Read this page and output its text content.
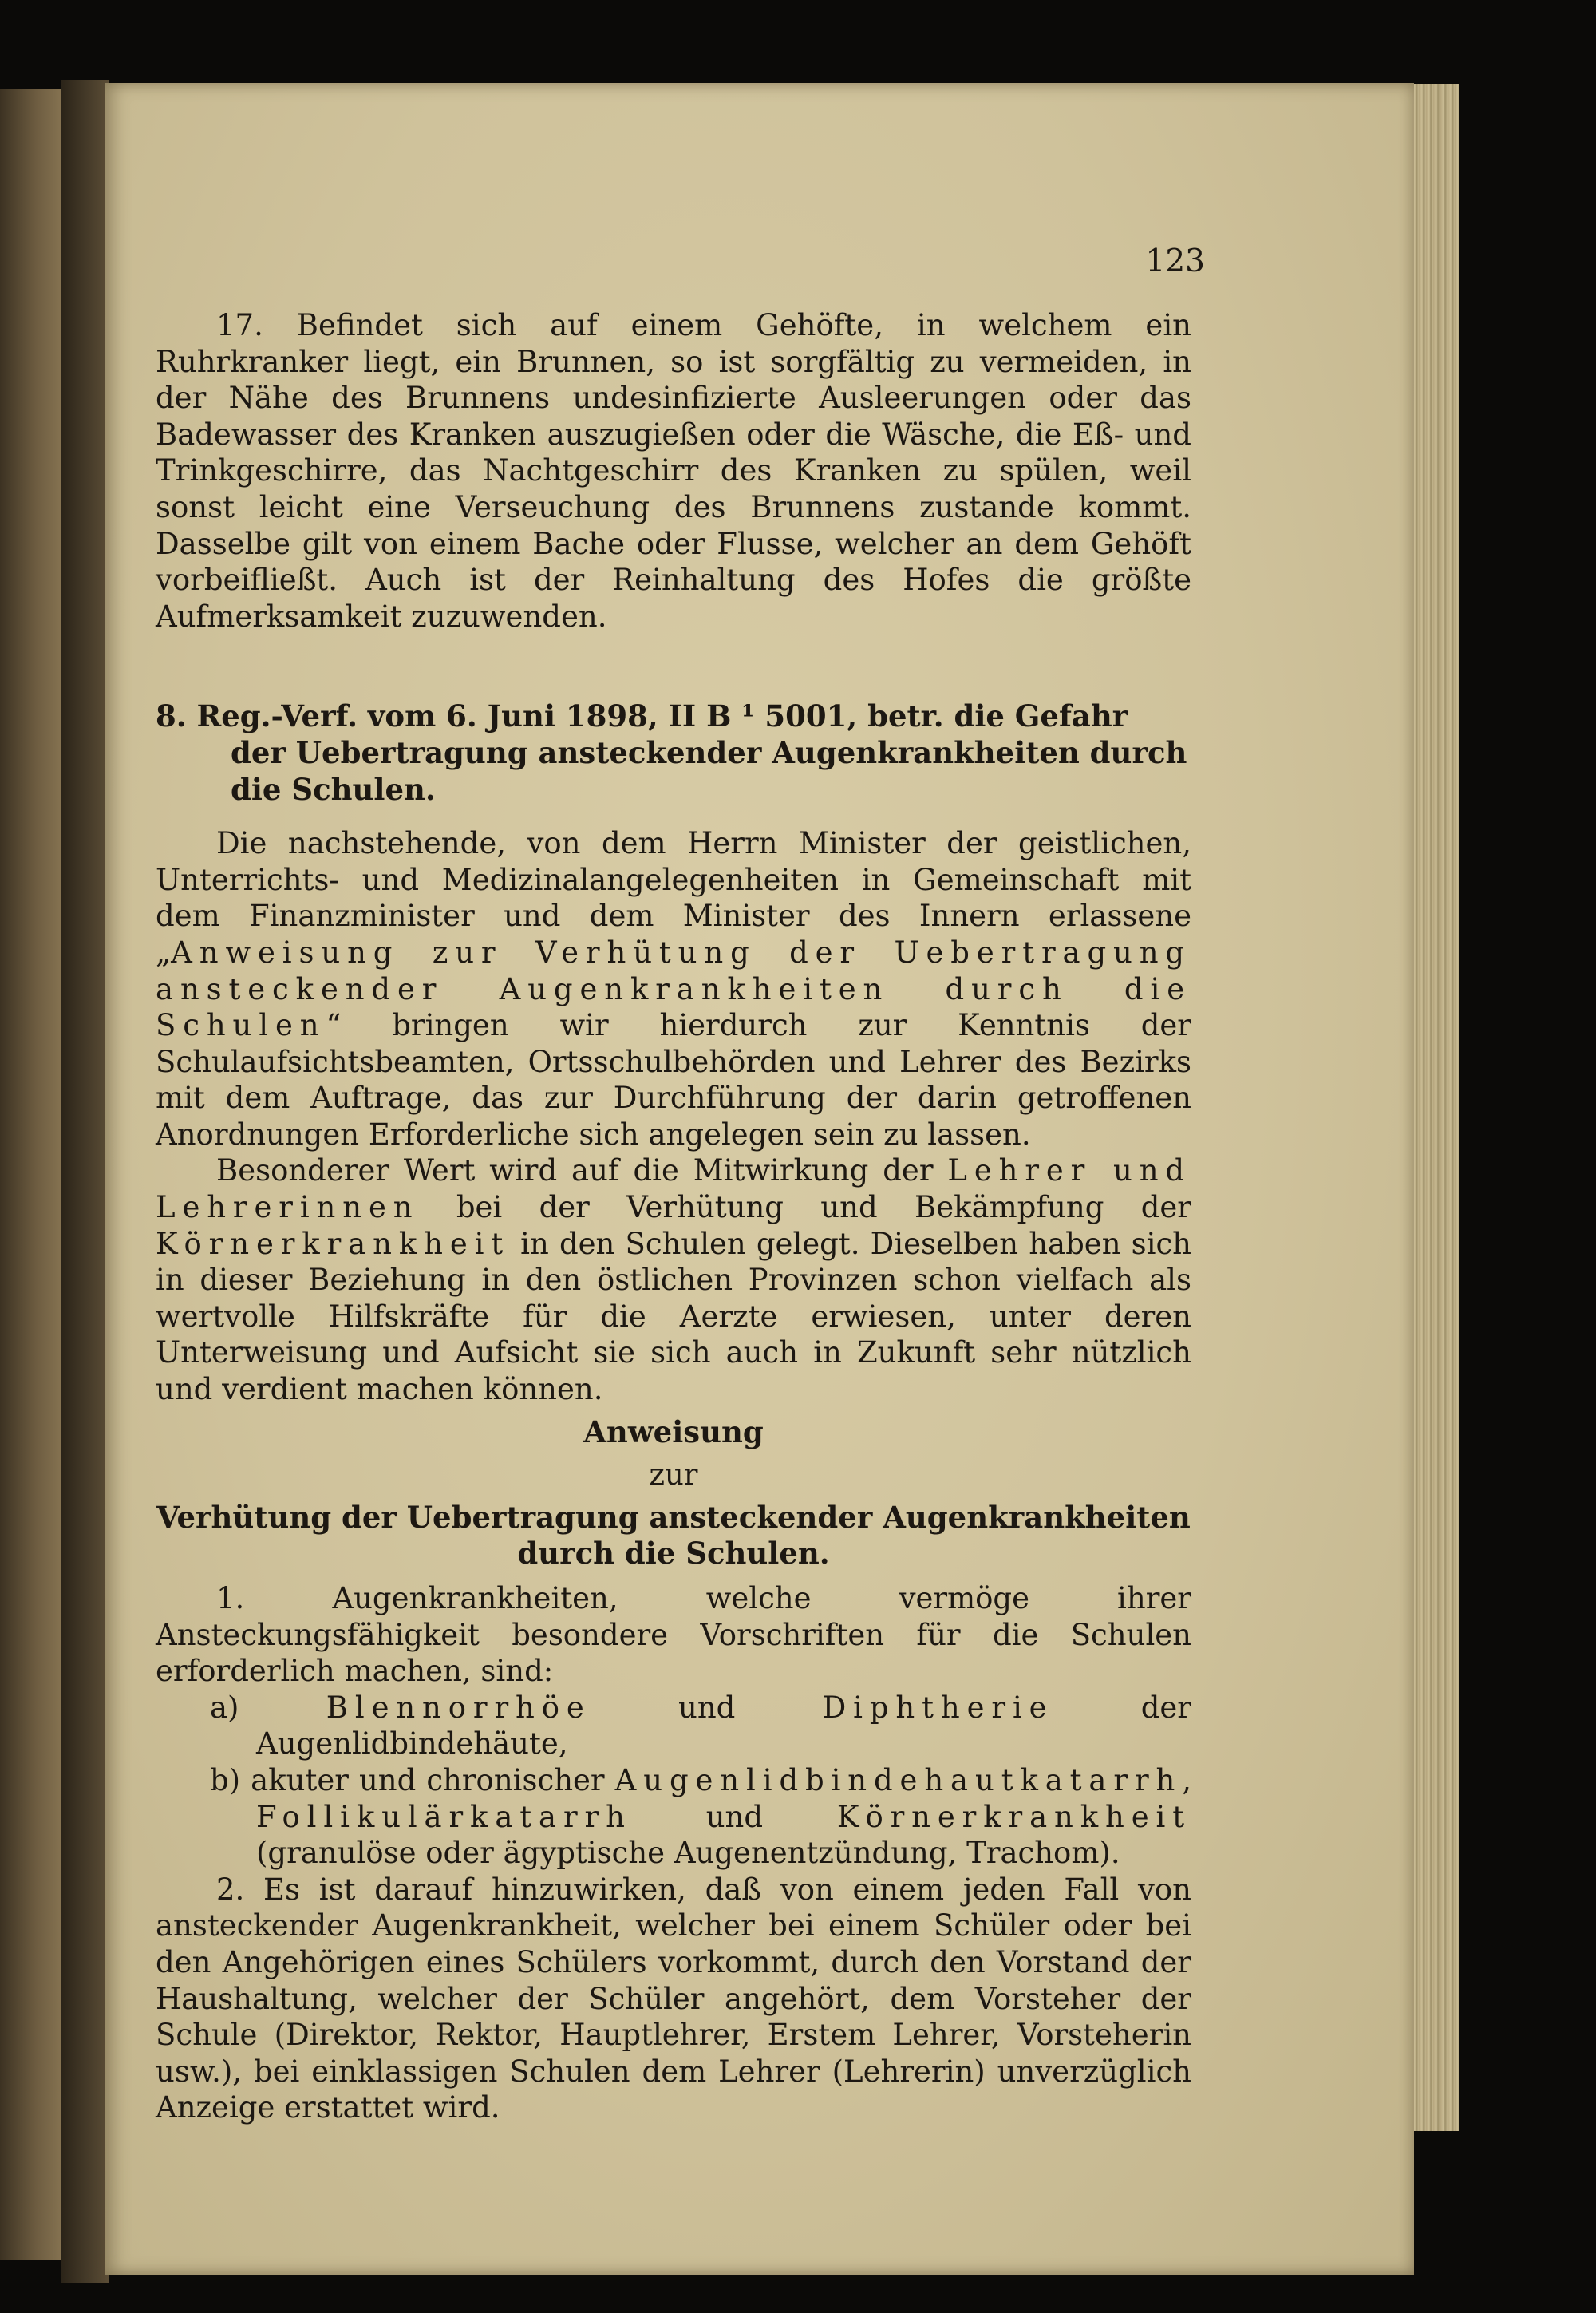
123

17. Befindet sich auf einem Gehöfte, in welchem ein Ruhrkranker liegt, ein Brunnen, so ist sorgfältig zu vermeiden, in der Nähe des Brunnens undesinfizierte Ausleerungen oder das Badewasser des Kranken auszugießen oder die Wäsche, die Eß- und Trinkgeschirre, das Nachtgeschirr des Kranken zu spülen, weil sonst leicht eine Verseuchung des Brunnens zustande kommt. Dasselbe gilt von einem Bache oder Flusse, welcher an dem Gehöft vorbeifließt. Auch ist der Reinhaltung des Hofes die größte Aufmerksamkeit zuzuwenden.

8. Reg.-Verf. vom 6. Juni 1898, II B ¹ 5001, betr. die Gefahr der Uebertragung ansteckender Augenkrankheiten durch die Schulen.

Die nachstehende, von dem Herrn Minister der geistlichen, Unterrichts- und Medizinalangelegenheiten in Gemeinschaft mit dem Finanzminister und dem Minister des Innern erlassene „Anweisung zur Verhütung der Uebertragung ansteckender Augenkrankheiten durch die Schulen“ bringen wir hierdurch zur Kenntnis der Schulaufsichtsbeamten, Ortsschulbehörden und Lehrer des Bezirks mit dem Auftrage, das zur Durchführung der darin getroffenen Anordnungen Erforderliche sich angelegen sein zu lassen.

Besonderer Wert wird auf die Mitwirkung der Lehrer und Lehrerinnen bei der Verhütung und Bekämpfung der Körnerkrankheit in den Schulen gelegt. Dieselben haben sich in dieser Beziehung in den östlichen Provinzen schon vielfach als wertvolle Hilfskräfte für die Aerzte erwiesen, unter deren Unterweisung und Aufsicht sie sich auch in Zukunft sehr nützlich und verdient machen können.

Anweisung

zur

Verhütung der Uebertragung ansteckender Augenkrankheiten

durch die Schulen.

1. Augenkrankheiten, welche vermöge ihrer Ansteckungsfähigkeit besondere Vorschriften für die Schulen erforderlich machen, sind:

a)	Blennorrhöe und Diphtherie der Augenlidbindehäute,

b) akuter und chronischer Augenlidbindehautkatarrh, Follikulärkatarrh und Körnerkrankheit (granulöse oder ägyptische Augenentzündung, Trachom).

2. Es ist darauf hinzuwirken, daß von einem jeden Fall von ansteckender Augenkrankheit, welcher bei einem Schüler oder bei den Angehörigen eines Schülers vorkommt, durch den Vorstand der Haushaltung, welcher der Schüler angehört, dem Vorsteher der Schule (Direktor, Rektor, Hauptlehrer, Erstem Lehrer, Vorsteherin usw.), bei einklassigen Schulen dem Lehrer (Lehrerin) unverzüglich Anzeige erstattet wird.
